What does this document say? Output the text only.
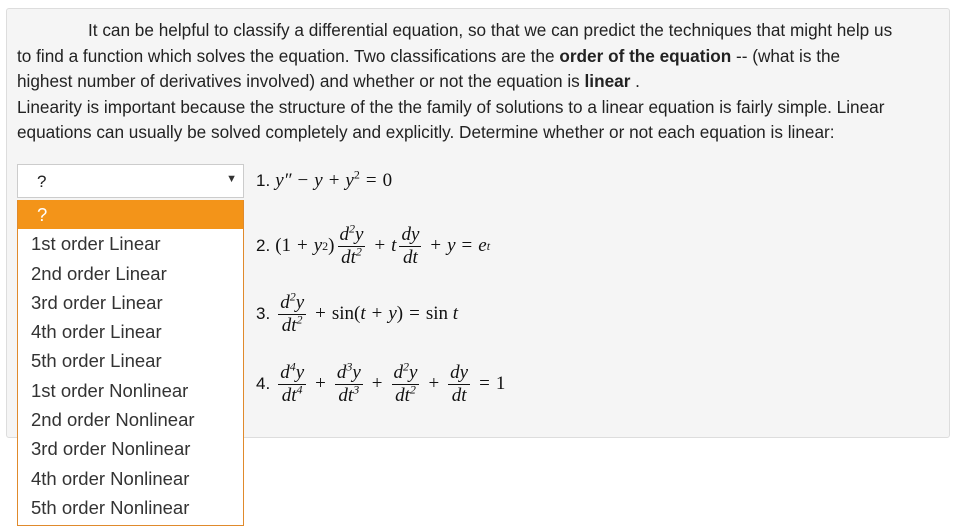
It can be helpful to classify a differential equation, so that we can predict the techniques that might help us

to find a function which solves the equation. Two classifications are the order of the equation -- (what is the

highest number of derivatives involved) and whether or not the equation is linear .

Linearity is important because the structure of the the family of solutions to a linear equation is fairly simple. Linear equations can usually be solved completely and explicitly. Determine whether or not each equation is linear:

?	▼
?
1st order Linear
2nd order Linear
3rd order Linear
4th order Linear
5th order Linear
1st order Nonlinear
2nd order Nonlinear
3rd order Nonlinear
4th order Nonlinear
5th order Nonlinear
1. $y'' - y + y^2 = 0$
2. (1 + y 2 ) $\frac{d^2y}{dt^2} + t \frac{dy}{dt} + y = e$ t
3. $\frac{d^2y}{dt^2} + \sin$( t + y ) = sin t
4. $\frac{d^4y}{dt^4} + \frac{d^3y}{dt^3} + \frac{d^2y}{dt^2} + \frac{dy}{dt} = 1$
